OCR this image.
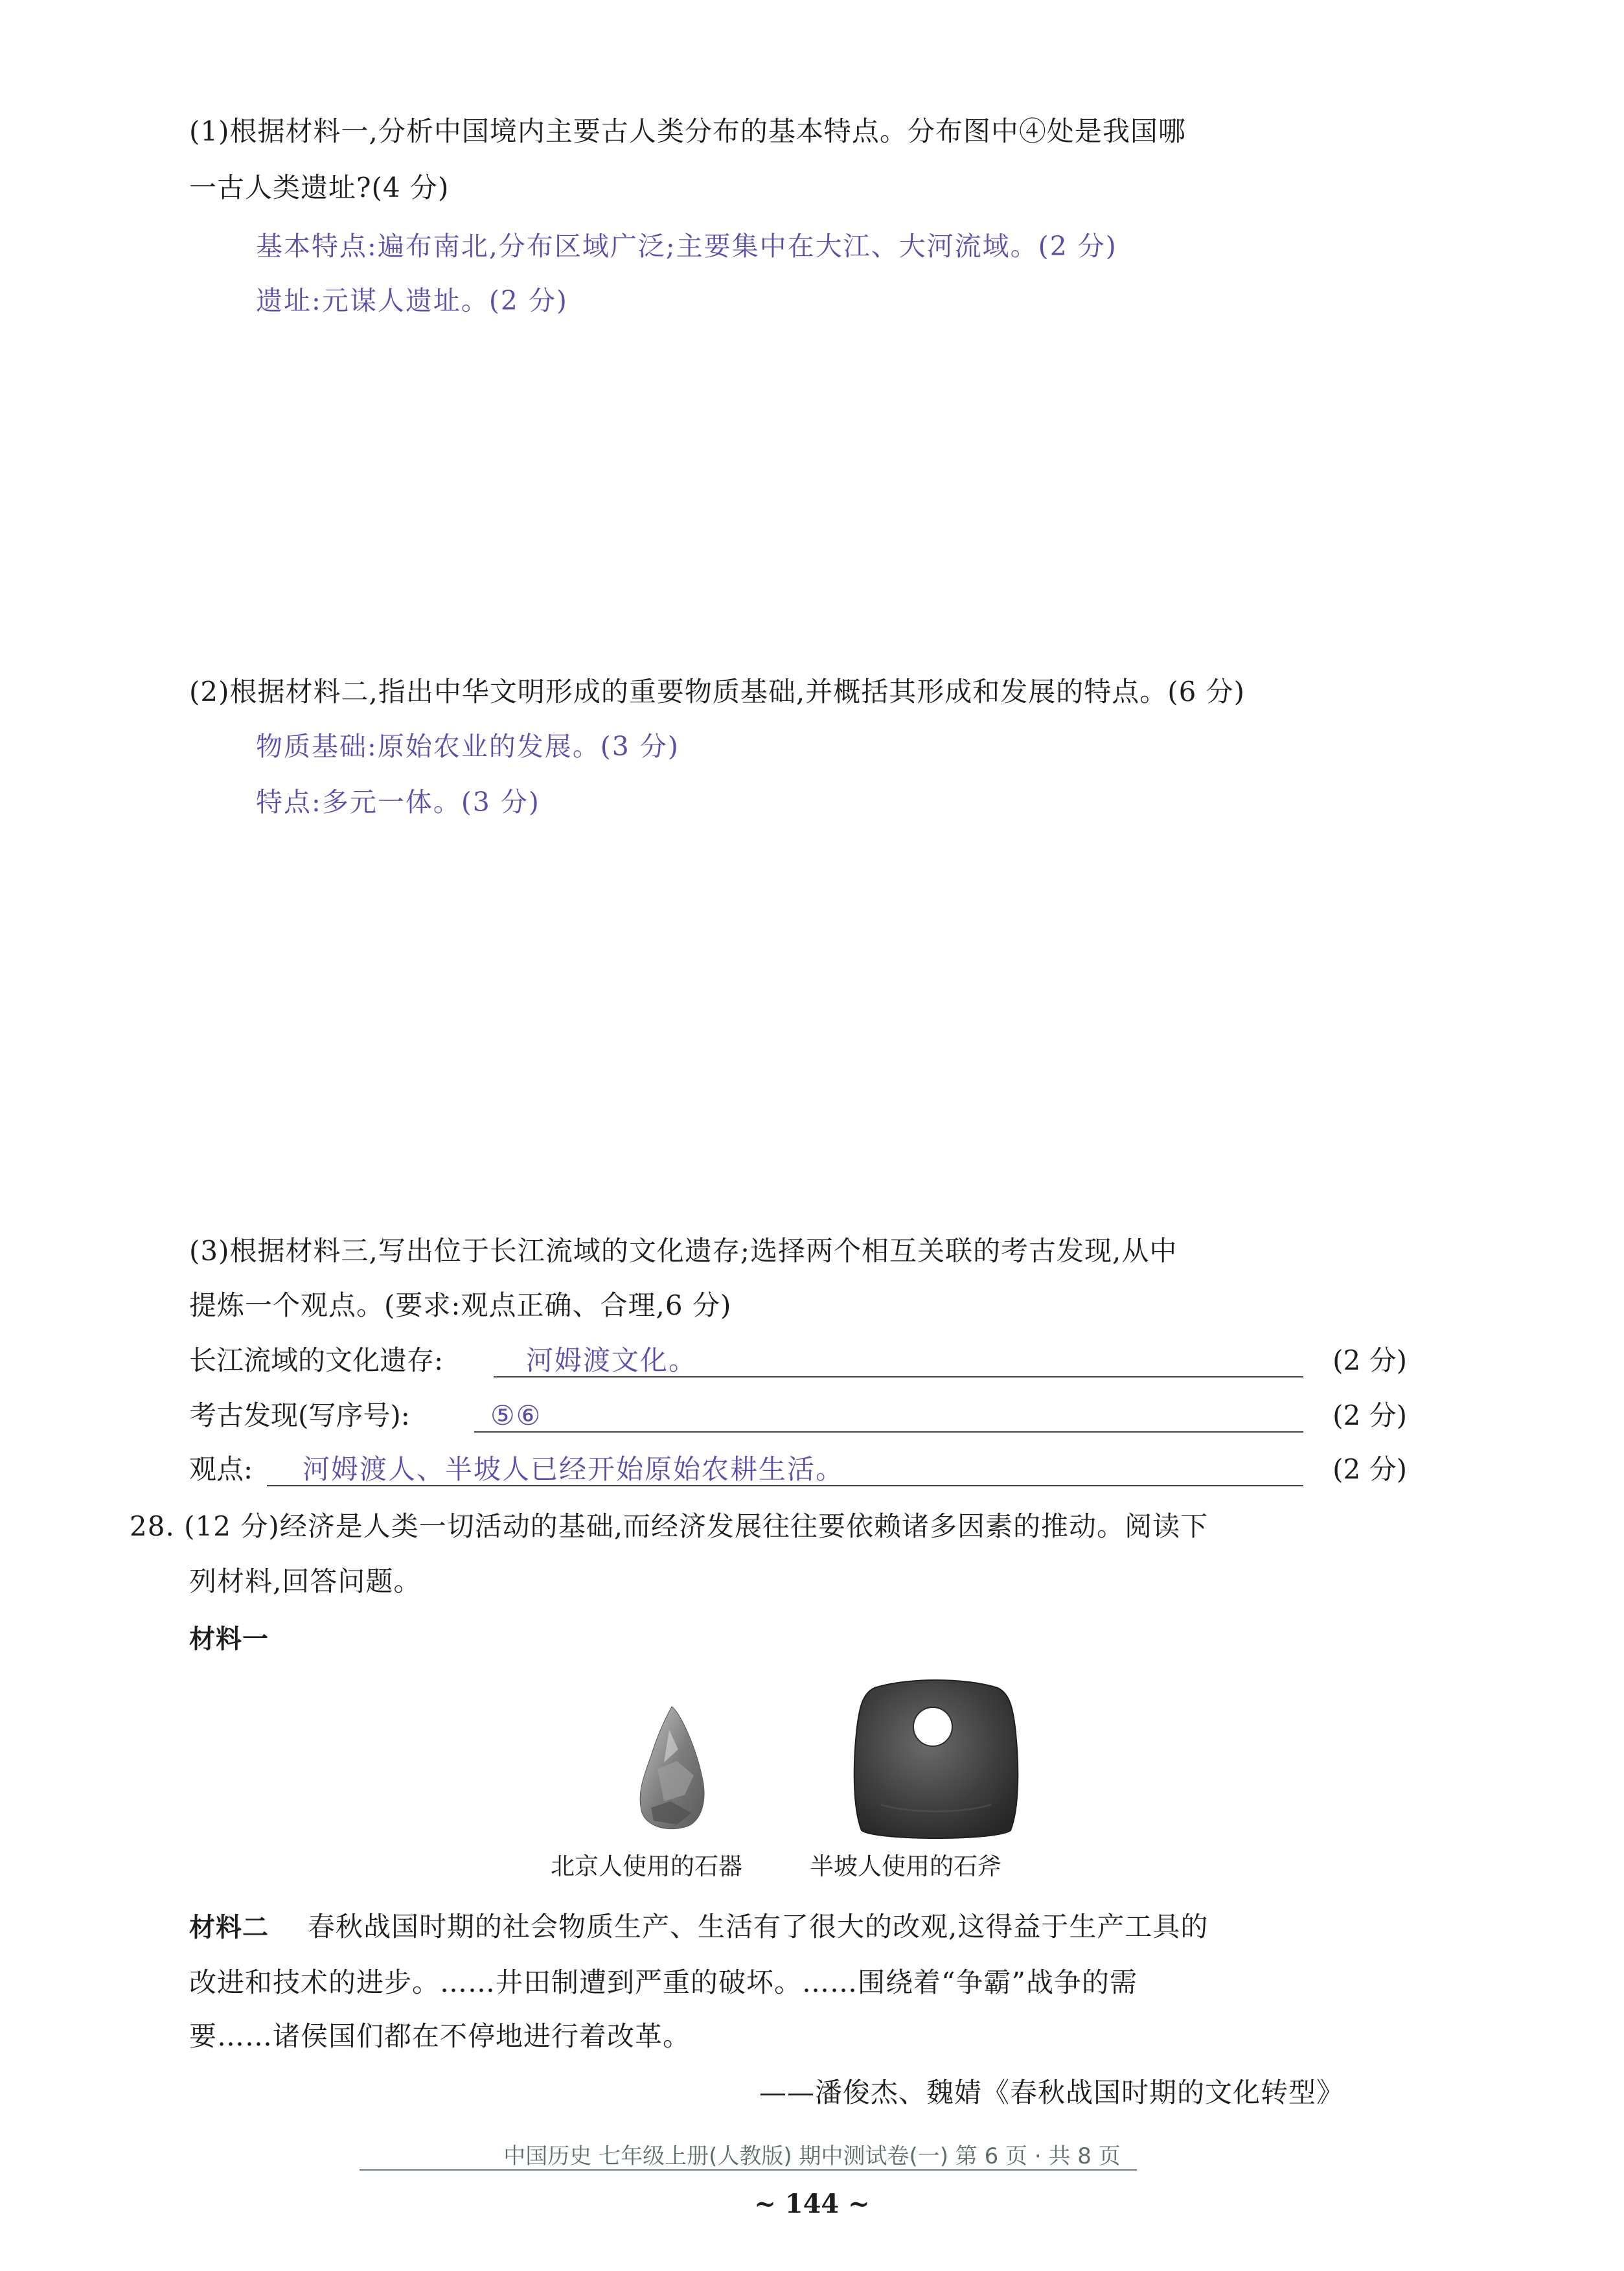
(1)根据材料一,分析中国境内主要古人类分布的基本特点。分布图中④处是我国哪
一古人类遗址?(4 分)
基本特点:遍布南北,分布区域广泛;主要集中在大江、大河流域。(2 分)
遗址:元谋人遗址。(2 分)
(2)根据材料二,指出中华文明形成的重要物质基础,并概括其形成和发展的特点。(6 分)
物质基础:原始农业的发展。(3 分)
特点:多元一体。(3 分)
(3)根据材料三,写出位于长江流域的文化遗存;选择两个相互关联的考古发现,从中
提炼一个观点。(要求:观点正确、合理,6 分)
长江流域的文化遗存:	河姆渡文化。	(2 分)
考古发现(写序号):	⑤⑥	(2 分)
观点: 河姆渡人、半坡人已经开始原始农耕生活。	(2 分)
28. (12 分)经济是人类一切活动的基础,而经济发展往往要依赖诸多因素的推动。阅读下
列材料,回答问题。
材料一
北京人使用的石器	半坡人使用的石斧
材料二 春秋战国时期的社会物质生产、生活有了很大的改观,这得益于生产工具的
改进和技术的进步。……井田制遭到严重的破坏。……围绕着“争霸”战争的需
要……诸侯国们都在不停地进行着改革。
——潘俊杰、魏婧《春秋战国时期的文化转型》
中国历史 七年级上册(人教版) 期中测试卷(一) 第 6 页 · 共 8 页
~ 144 ~
